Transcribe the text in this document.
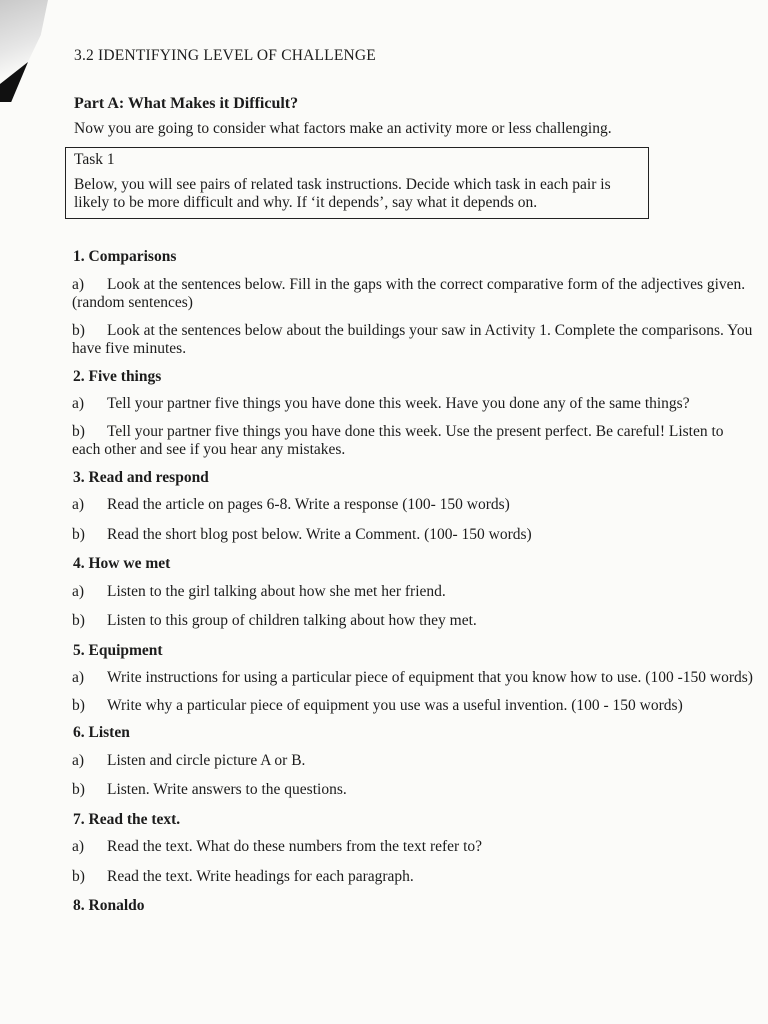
3.2 IDENTIFYING LEVEL OF CHALLENGE
Part A: What Makes it Difficult?
Now you are going to consider what factors make an activity more or less challenging.
Task 1
Below, you will see pairs of related task instructions. Decide which task in each pair is likely to be more difficult and why. If ‘it depends’, say what it depends on.
1. Comparisons
a) Look at the sentences below. Fill in the gaps with the correct comparative form of the adjectives given. (random sentences)
b) Look at the sentences below about the buildings your saw in Activity 1. Complete the comparisons. You have five minutes.
2. Five things
a) Tell your partner five things you have done this week. Have you done any of the same things?
b) Tell your partner five things you have done this week. Use the present perfect. Be careful! Listen to each other and see if you hear any mistakes.
3. Read and respond
a)	Read the article on pages 6-8. Write a response (100- 150 words)
b)	Read the short blog post below. Write a Comment. (100- 150 words)
4. How we met
a)	Listen to the girl talking about how she met her friend.
b)	Listen to this group of children talking about how they met.
5. Equipment
a) Write instructions for using a particular piece of equipment that you know how to use. (100 -150 words)
b) Write why a particular piece of equipment you use was a useful invention. (100 - 150 words)
6. Listen
a)	Listen and circle picture A or B.
b)	Listen. Write answers to the questions.
7. Read the text.
a)	Read the text. What do these numbers from the text refer to?
b)	Read the text. Write headings for each paragraph.
8. Ronaldo
